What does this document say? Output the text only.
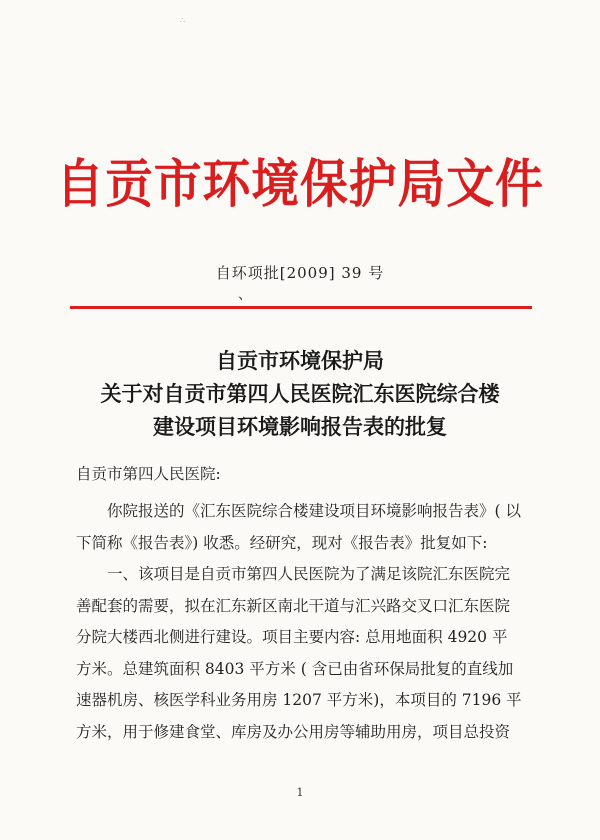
∴
自贡市环境保护局文件
自环项批[2009] 39 号
、
自贡市环境保护局
关于对自贡市第四人民医院汇东医院综合楼
建设项目环境影响报告表的批复
自贡市第四人民医院:
你院报送的《汇东医院综合楼建设项目环境影响报告表》( 以
下简称《报告表》) 收悉。经研究，现对《报告表》批复如下:
一、该项目是自贡市第四人民医院为了满足该院汇东医院完
善配套的需要，拟在汇东新区南北干道与汇兴路交叉口汇东医院
分院大楼西北侧进行建设。项目主要内容: 总用地面积 4920 平
方米。总建筑面积 8403 平方米 ( 含已由省环保局批复的直线加
速器机房、核医学科业务用房 1207 平方米)，本项目的 7196 平
方米，用于修建食堂、库房及办公用房等辅助用房，项目总投资
1
